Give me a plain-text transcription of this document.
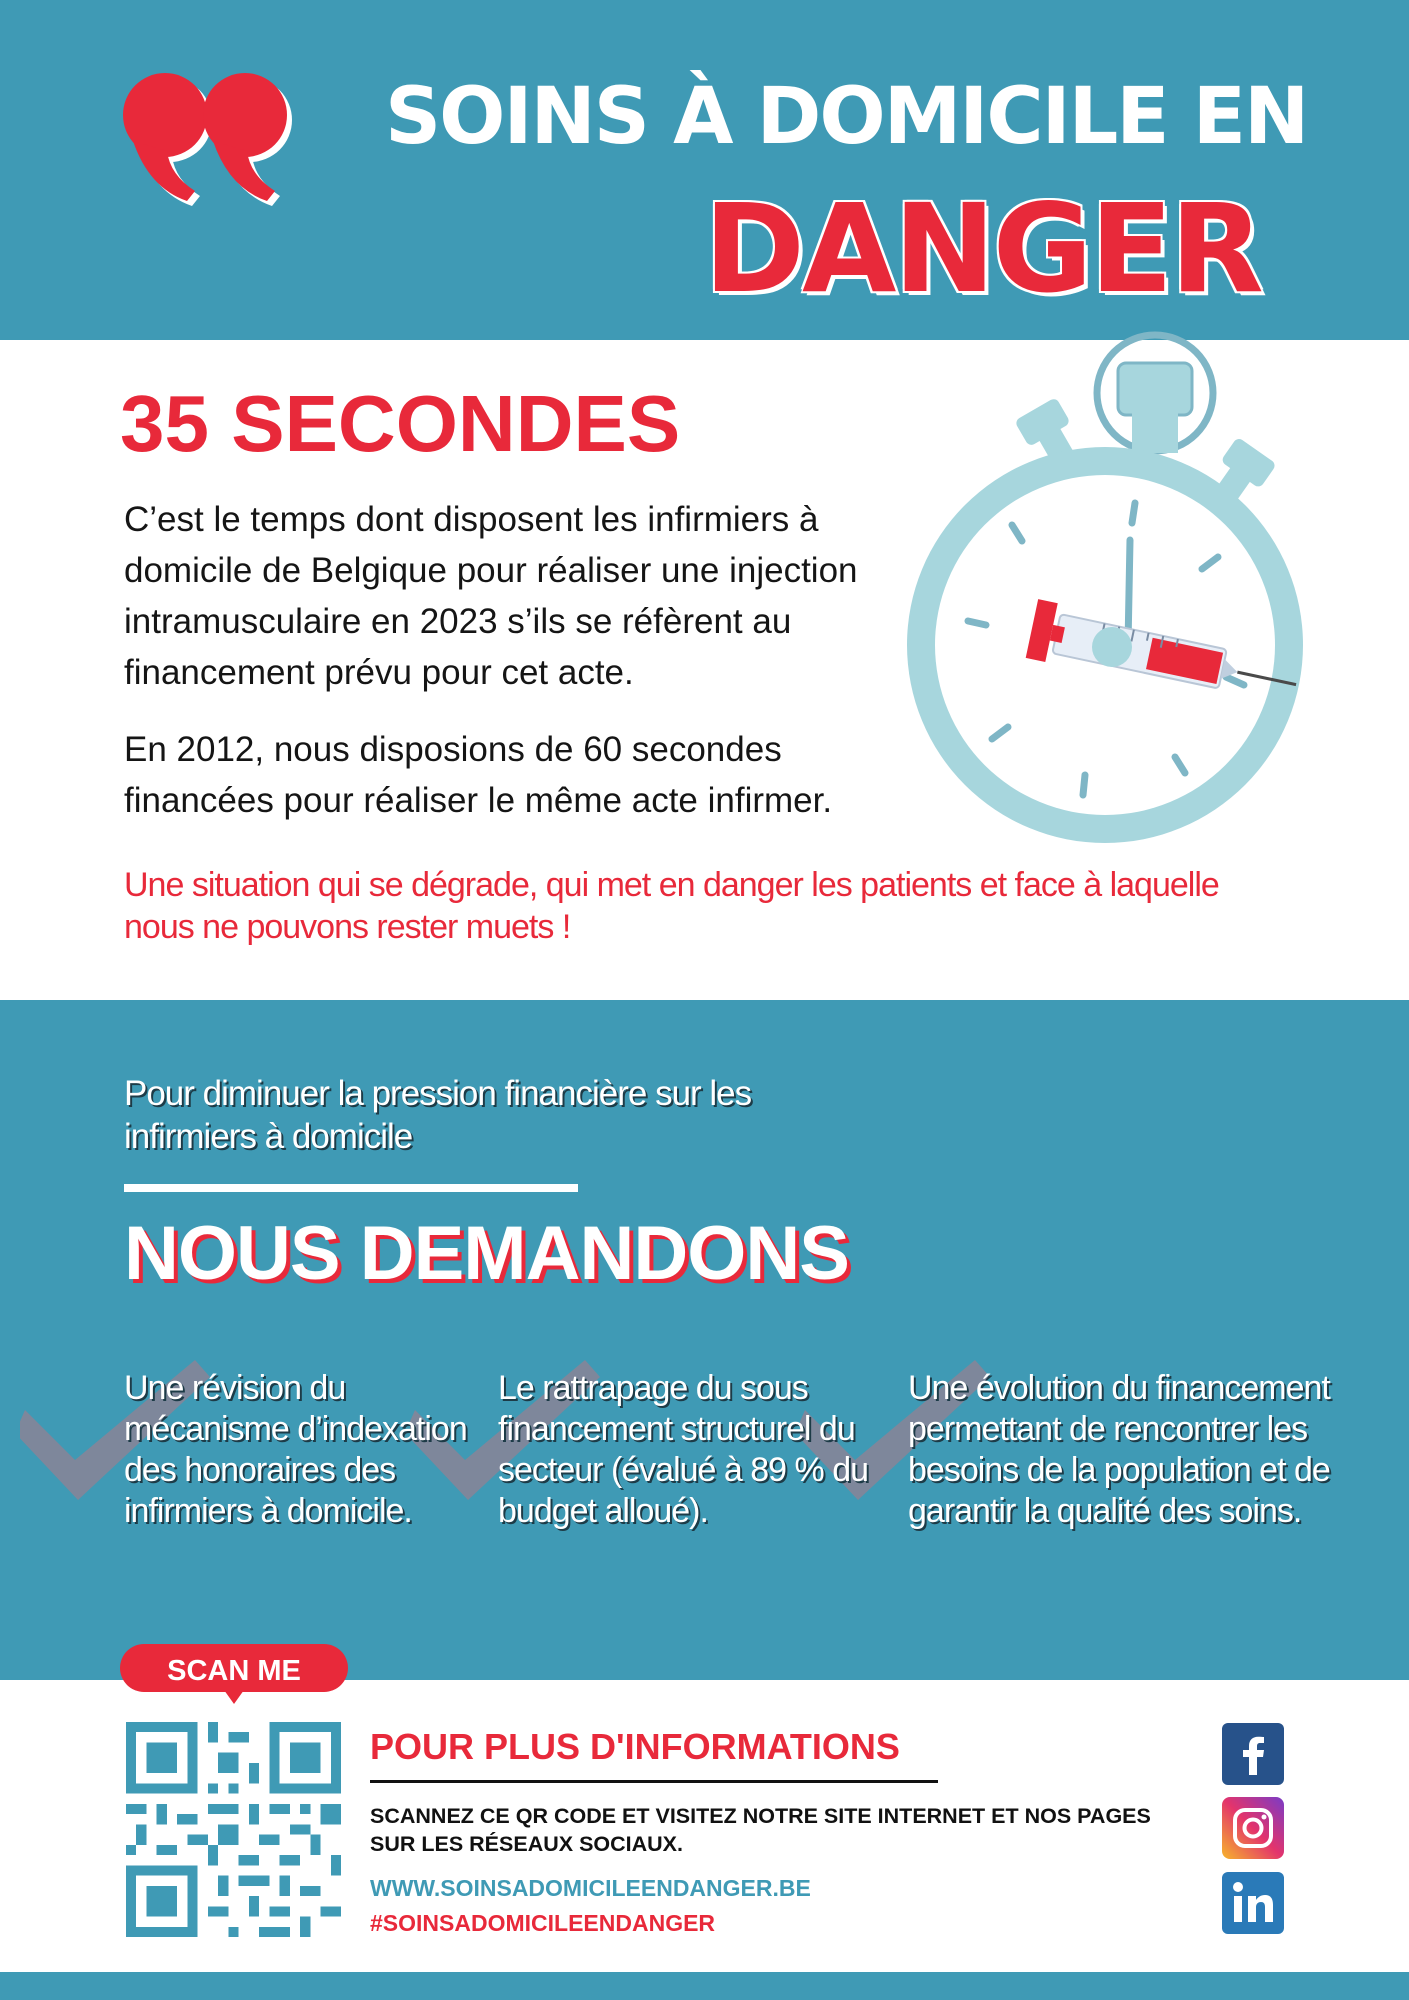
SOINS À DOMICILE EN
DANGER
35 SECONDES
C’est le temps dont disposent les infirmiers à domicile de Belgique pour réaliser une injection intramusculaire en 2023 s’ils se réfèrent au financement prévu pour cet acte.
En 2012, nous disposions de 60 secondes financées pour réaliser le même acte infirmer.
Une situation qui se dégrade, qui met en danger les patients et face à laquelle nous ne pouvons rester muets !
Pour diminuer la pression financière sur les infirmiers à domicile
NOUS DEMANDONS
Une révision du mécanisme d’indexation des honoraires des infirmiers à domicile.
Le rattrapage du sous financement structurel du secteur (évalué à 89 % du budget alloué).
Une évolution du financement permettant de rencontrer les besoins de la population et de garantir la qualité des soins.
SCAN ME
POUR PLUS D'INFORMATIONS
SCANNEZ CE QR CODE ET VISITEZ NOTRE SITE INTERNET ET NOS PAGES SUR LES RÉSEAUX SOCIAUX.
WWW.SOINSADOMICILEENDANGER.BE
#SOINSADOMICILEENDANGER
